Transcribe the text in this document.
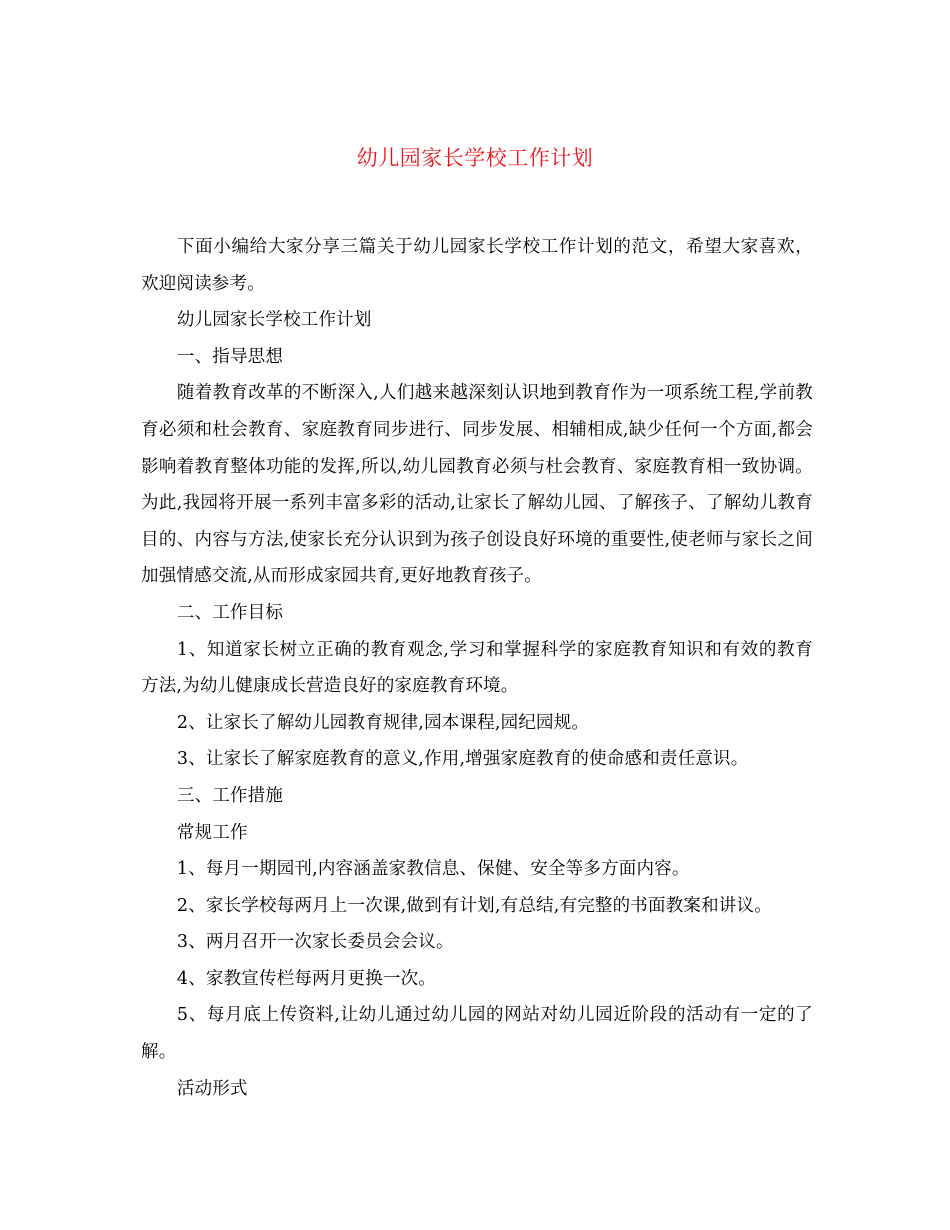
幼儿园家长学校工作计划

下面小编给大家分享三篇关于幼儿园家长学校工作计划的范文，希望大家喜欢，欢迎阅读参考。

幼儿园家长学校工作计划

一、指导思想

随着教育改革的不断深入,人们越来越深刻认识地到教育作为一项系统工程,学前教育必须和杜会教育、家庭教育同步进行、同步发展、相辅相成,缺少任何一个方面,都会影响着教育整体功能的发挥,所以,幼儿园教育必须与杜会教育、家庭教育相一致协调。为此,我园将开展一系列丰富多彩的活动,让家长了解幼儿园、了解孩子、了解幼儿教育目的、内容与方法,使家长充分认识到为孩子创设良好环境的重要性,使老师与家长之间加强情感交流,从而形成家园共育,更好地教育孩子。

二、工作目标

1、知道家长树立正确的教育观念,学习和掌握科学的家庭教育知识和有效的教育方法,为幼儿健康成长营造良好的家庭教育环境。

2、让家长了解幼儿园教育规律,园本课程,园纪园规。

3、让家长了解家庭教育的意义,作用,增强家庭教育的使命感和责任意识。

三、工作措施

常规工作

1、每月一期园刊,内容涵盖家教信息、保健、安全等多方面内容。

2、家长学校每两月上一次课,做到有计划,有总结,有完整的书面教案和讲议。

3、两月召开一次家长委员会会议。

4、家教宣传栏每两月更换一次。

5、每月底上传资料,让幼儿通过幼儿园的网站对幼儿园近阶段的活动有一定的了解。

活动形式
